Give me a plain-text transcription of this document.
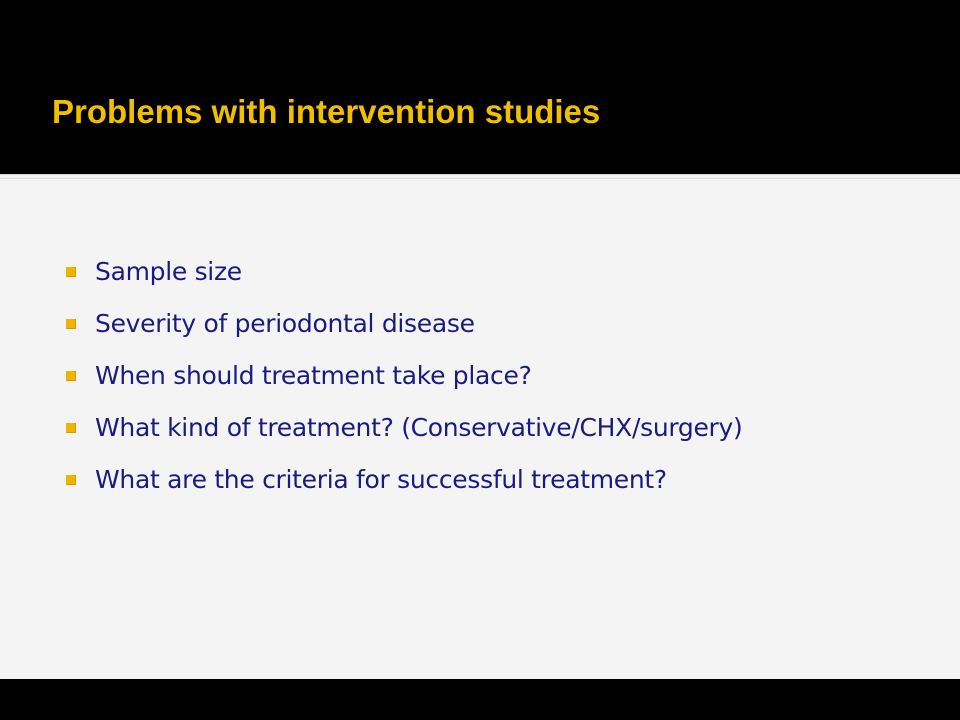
Problems with intervention studies
Sample size
Severity of periodontal disease
When should treatment take place?
What kind of treatment? (Conservative/CHX/surgery)
What are the criteria for successful treatment?
